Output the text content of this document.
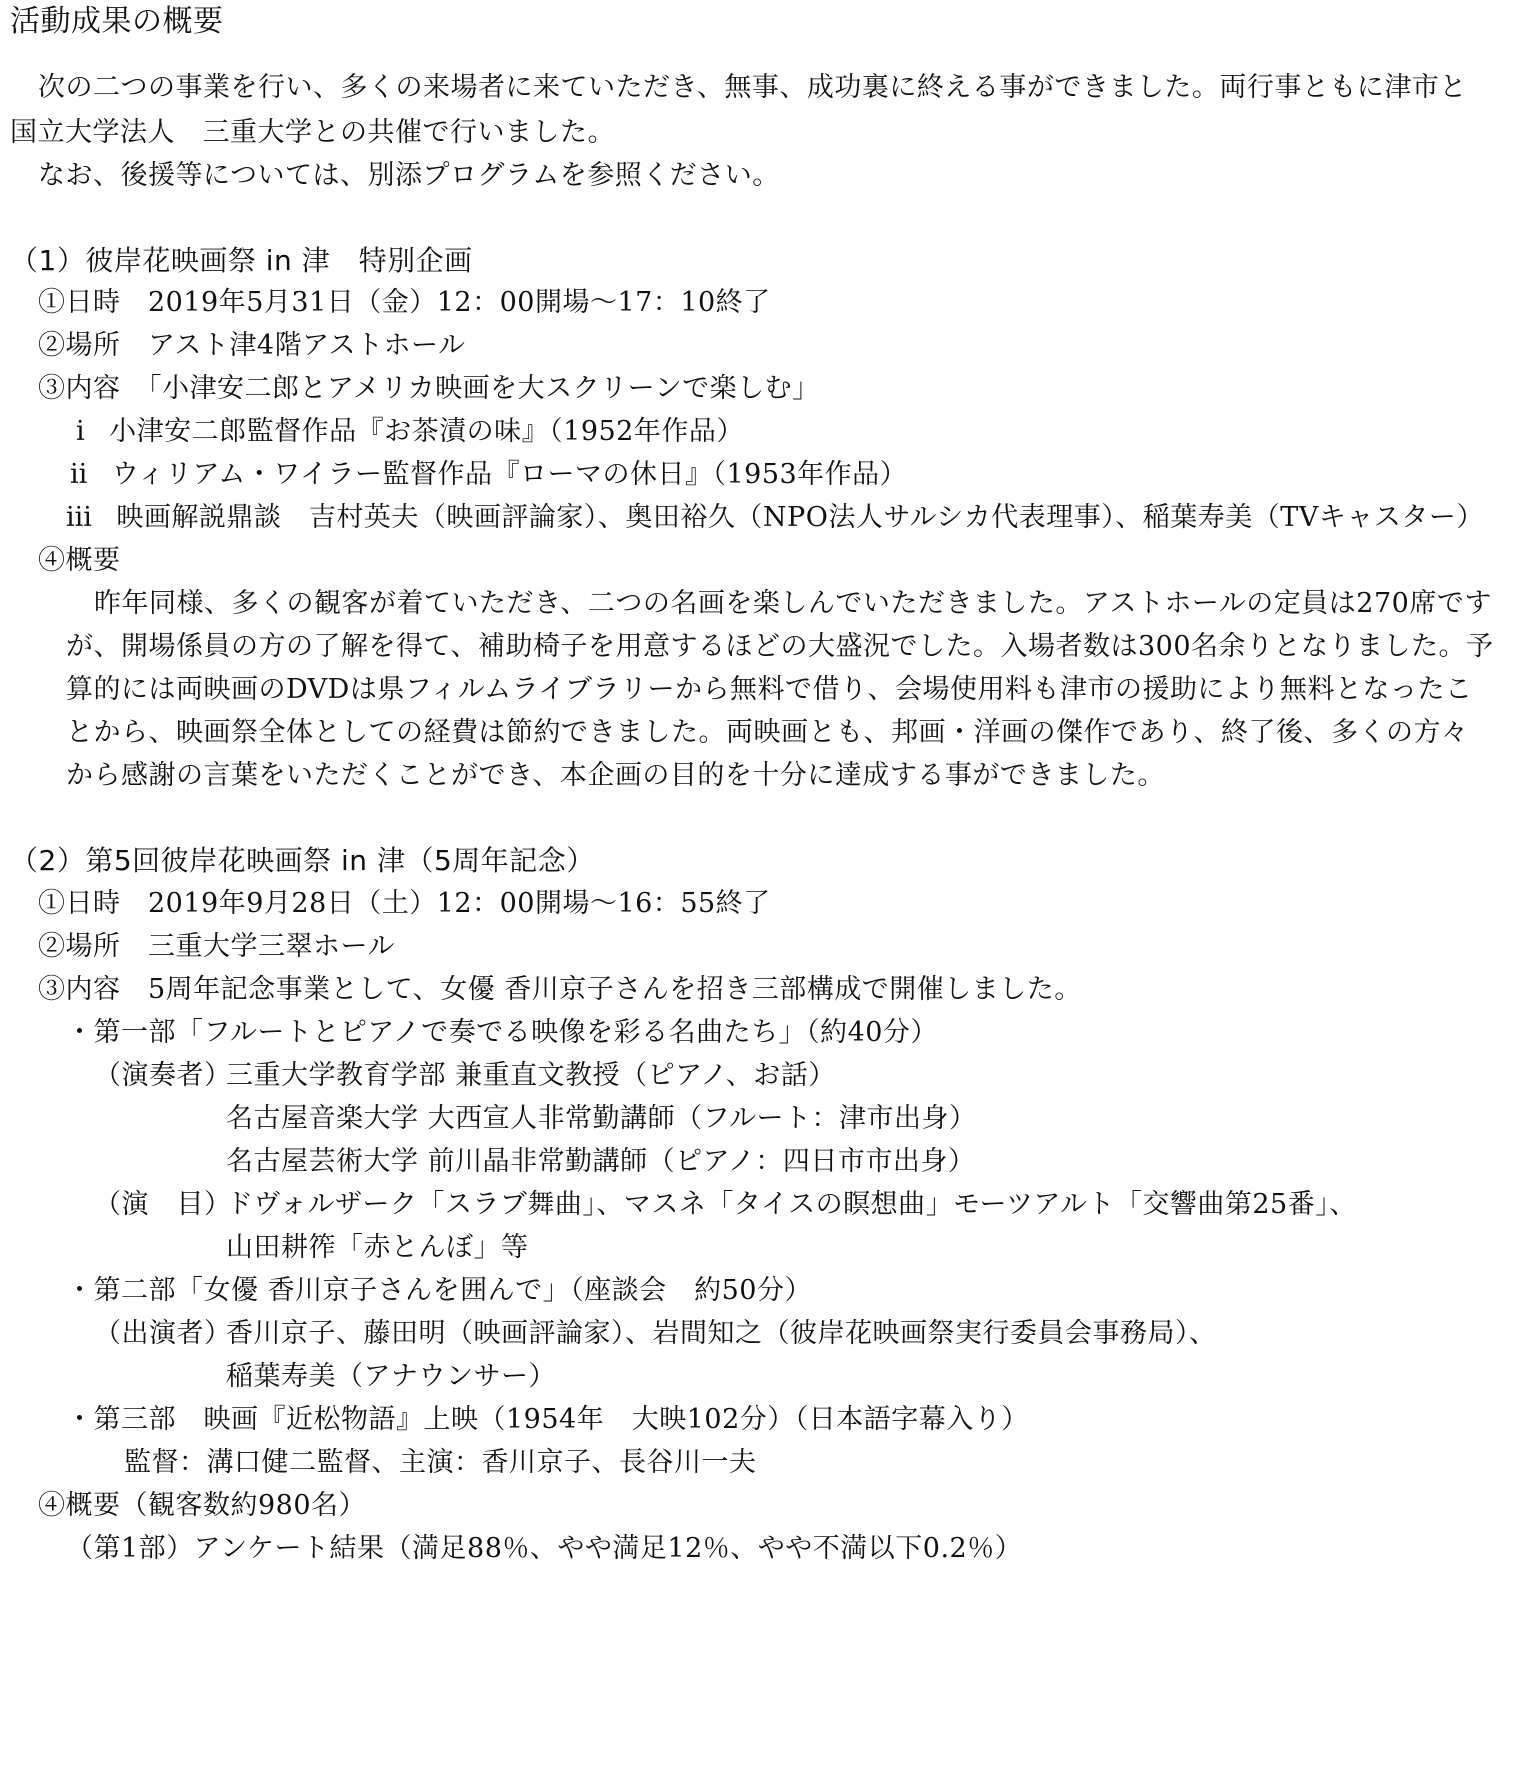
活動成果の概要
次の二つの事業を行い、多くの来場者に来ていただき、無事、成功裏に終える事ができました。両行事ともに津市と
国立大学法人　三重大学との共催で行いました。
なお、後援等については、別添プログラムを参照ください。
（1）彼岸花映画祭 in 津　特別企画
①日時　2019年5月31日（金）12：00開場～17：10終了
②場所　アスト津4階アストホール
③内容　「小津安二郎とアメリカ映画を大スクリーンで楽しむ」
ⅰ 小津安二郎監督作品『お茶漬の味』（1952年作品）
ⅱ ウィリアム・ワイラー監督作品『ローマの休日』（1953年作品）
ⅲ 映画解説鼎談　吉村英夫（映画評論家）、奥田裕久（NPO法人サルシカ代表理事）、稲葉寿美（TVキャスター）
④概要
昨年同様、多くの観客が着ていただき、二つの名画を楽しんでいただきました。アストホールの定員は270席です
が、開場係員の方の了解を得て、補助椅子を用意するほどの大盛況でした。入場者数は300名余りとなりました。予
算的には両映画のDVDは県フィルムライブラリーから無料で借り、会場使用料も津市の援助により無料となったこ
とから、映画祭全体としての経費は節約できました。両映画とも、邦画・洋画の傑作であり、終了後、多くの方々
から感謝の言葉をいただくことができ、本企画の目的を十分に達成する事ができました。
（2）第5回彼岸花映画祭 in 津（5周年記念）
①日時　2019年9月28日（土）12：00開場～16：55終了
②場所　三重大学三翠ホール
③内容　5周年記念事業として、女優 香川京子さんを招き三部構成で開催しました。
・第一部「フルートとピアノで奏でる映像を彩る名曲たち」（約40分）
（演奏者）
三重大学教育学部 兼重直文教授（ピアノ、お話）
名古屋音楽大学 大西宣人非常勤講師（フルート：津市出身）
名古屋芸術大学 前川晶非常勤講師（ピアノ：四日市市出身）
（演　目）
ドヴォルザーク「スラブ舞曲」、マスネ「タイスの瞑想曲」モーツアルト「交響曲第25番」、
山田耕筰「赤とんぼ」等
・第二部「女優 香川京子さんを囲んで」（座談会　約50分）
（出演者）
香川京子、藤田明（映画評論家）、岩間知之（彼岸花映画祭実行委員会事務局）、
稲葉寿美（アナウンサー）
・第三部　映画『近松物語』上映（1954年　大映102分）（日本語字幕入り）
監督：溝口健二監督、主演：香川京子、長谷川一夫
④概要（観客数約980名）
（第1部）アンケート結果（満足88％、やや満足12％、やや不満以下0.2％）
